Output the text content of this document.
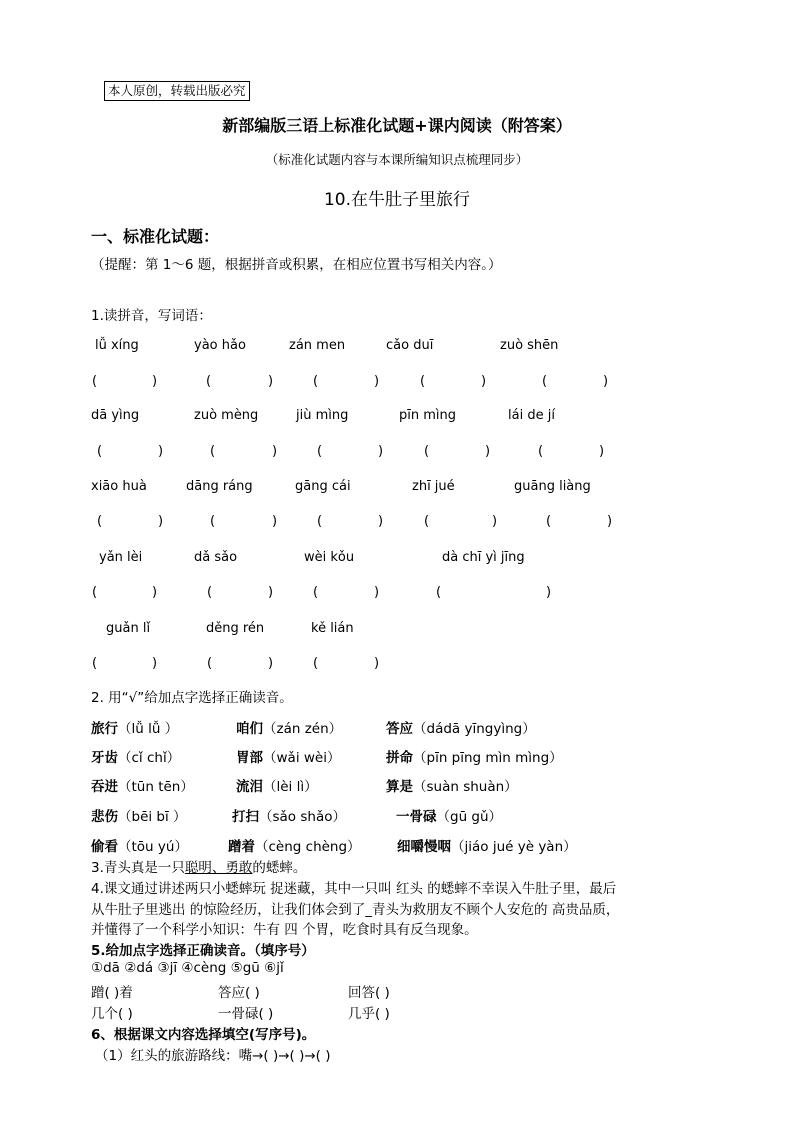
本人原创，转载出版必究
新部编版三语上标准化试题+课内阅读（附答案）
（标准化试题内容与本课所编知识点梳理同步）
10.在牛肚子里旅行
一、标准化试题：
（提醒：第 1～6 题，根据拼音或积累，在相应位置书写相关内容。）
1.读拼音，写词语：
lǚ xíng	yào hǎo	zán men	cǎo duī	zuò shēn
(	)	(	)	(	)	(	)	(	)
dā yìng	zuò mèng	jiù mìng	pīn mìng	lái de jí
(	)	(	)	(	)	(	)	(	)
xiāo huà	dāng ráng	gāng cái	zhī jué	guāng liàng
(	)	(	)	(	)	(	)	(	)
yǎn lèi	dǎ sǎo	wèi kǒu	dà chī yì jīng
(	)	(	)	(	)	(	)
guǎn lǐ	děng rén	kě lián
(	)	(	)	(	)
2. 用“√”给加点字选择正确读音。
旅行（lǚ lǚ ）	咱们（zán zén）	答应（dádā yīngyìng）
牙齿（cǐ chǐ）	胃部（wǎi wèi）	拼命（pīn pīng mìn mìng）
吞进（tūn tēn）	流泪（lèi lì）	算是（suàn shuàn）
悲伤（bēi bī ）	打扫（sǎo shǎo）	一骨碌（gū gǔ）
偷看（tōu yú）	蹭着（cèng chèng）	细嚼慢咽（jiáo jué yè yàn）
3.青头真是一只聪明、勇敢的蟋蟀。
4.课文通过讲述两只小蟋蟀玩 捉迷藏，其中一只叫 红头 的蟋蟀不幸误入牛肚子里，最后
从牛肚子里逃出 的惊险经历，让我们体会到了_青头为救朋友不顾个人安危的 高贵品质，
并懂得了一个科学小知识：牛有 四 个胃，吃食时具有反刍现象。
5.给加点字选择正确读音。（填序号）
①dā ②dá ③jī ④cèng ⑤gū ⑥jǐ
蹭( )着	答应( )	回答( )
几个( )	一骨碌( )	几乎( )
6、根据课文内容选择填空(写序号)。
（1）红头的旅游路线：嘴→( )→( )→( )
